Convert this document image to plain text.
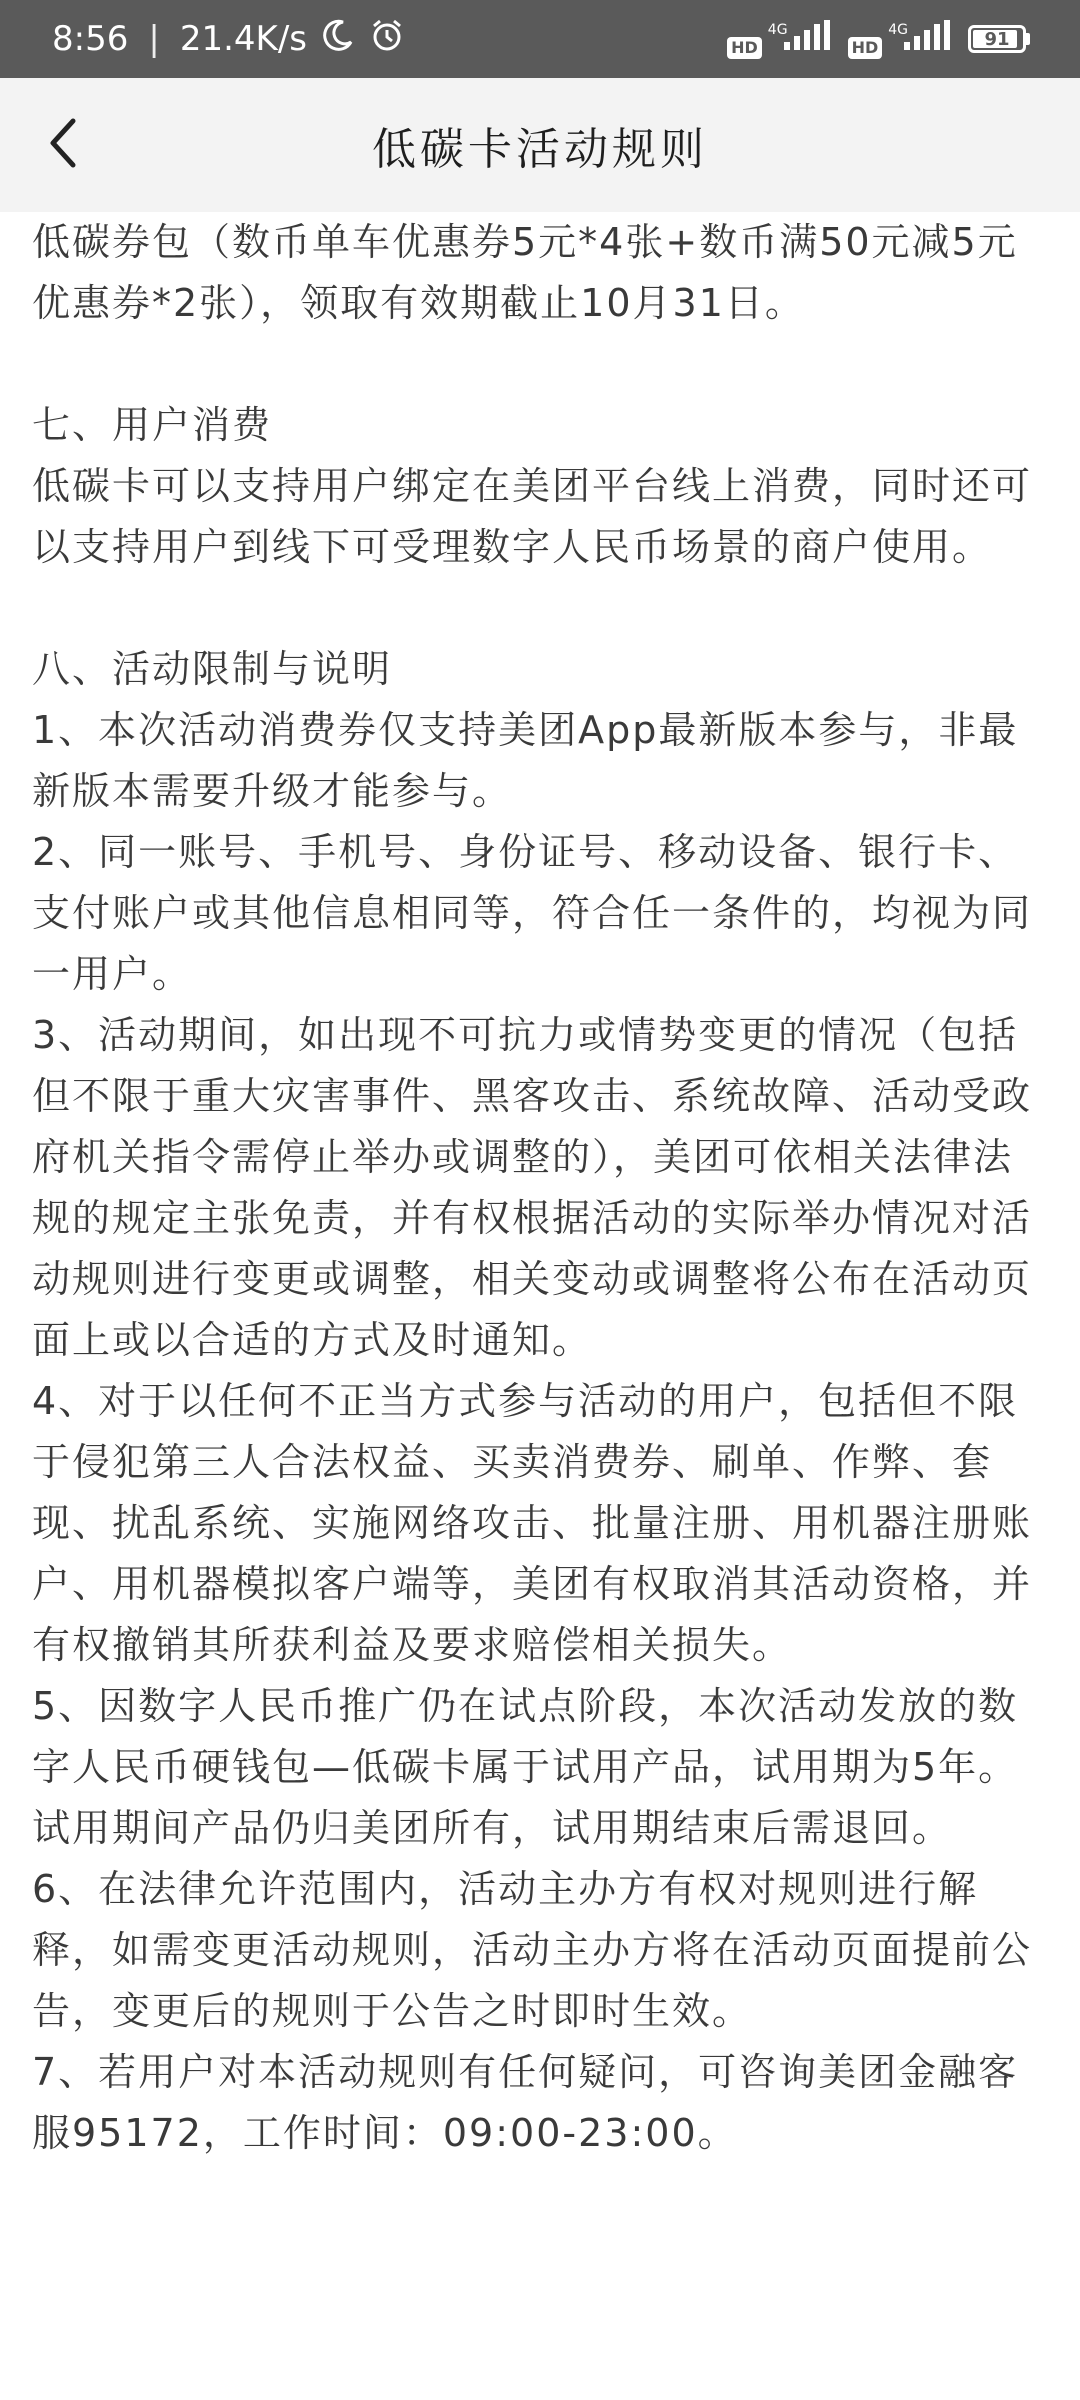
8:56 | 21.4K/s	HD
4G
HD
4G	91
低碳卡活动规则

低碳券包（数币单车优惠券5元*4张+数币满50元减5元优惠券*2张），领取有效期截止10月31日。

七、用户消费

低碳卡可以支持用户绑定在美团平台线上消费，同时还可以支持用户到线下可受理数字人民币场景的商户使用。

八、活动限制与说明

1、本次活动消费券仅支持美团App最新版本参与，非最新版本需要升级才能参与。

2、同一账号、手机号、身份证号、移动设备、银行卡、支付账户或其他信息相同等，符合任一条件的，均视为同一用户。

3、活动期间，如出现不可抗力或情势变更的情况（包括但不限于重大灾害事件、黑客攻击、系统故障、活动受政府机关指令需停止举办或调整的），美团可依相关法律法规的规定主张免责，并有权根据活动的实际举办情况对活动规则进行变更或调整，相关变动或调整将公布在活动页面上或以合适的方式及时通知。

4、对于以任何不正当方式参与活动的用户，包括但不限于侵犯第三人合法权益、买卖消费券、刷单、作弊、套现、扰乱系统、实施网络攻击、批量注册、用机器注册账户、用机器模拟客户端等，美团有权取消其活动资格，并有权撤销其所获利益及要求赔偿相关损失。

5、因数字人民币推广仍在试点阶段，本次活动发放的数字人民币硬钱包—低碳卡属于试用产品，试用期为5年。试用期间产品仍归美团所有，试用期结束后需退回。

6、在法律允许范围内，活动主办方有权对规则进行解释，如需变更活动规则，活动主办方将在活动页面提前公告，变更后的规则于公告之时即时生效。

7、若用户对本活动规则有任何疑问，可咨询美团金融客服95172，工作时间：09:00-23:00。
